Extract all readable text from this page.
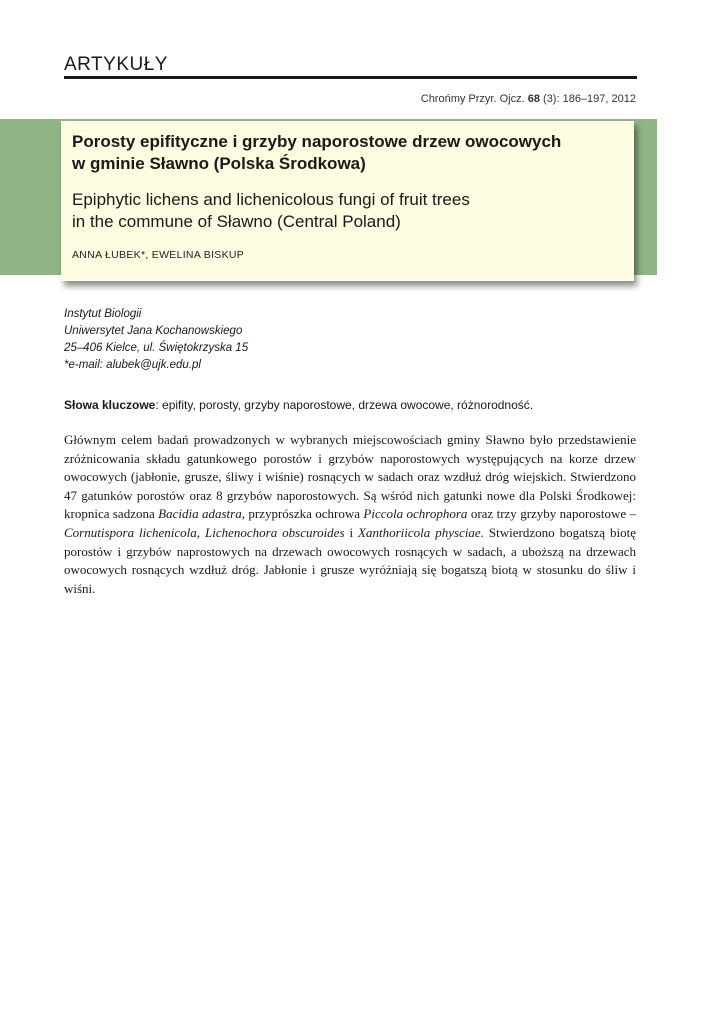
ARTYKUŁY
Chrońmy Przyr. Ojcz. 68 (3): 186–197, 2012
Porosty epifityczne i grzyby naporostowe drzew owocowych
w gminie Sławno (Polska Środkowa)
Epiphytic lichens and lichenicolous fungi of fruit trees
in the commune of Sławno (Central Poland)
ANNA ŁUBEK*, EWELINA BISKUP
Instytut Biologii
Uniwersytet Jana Kochanowskiego
25–406 Kielce, ul. Świętokrzyska 15
*e-mail: alubek@ujk.edu.pl
Słowa kluczowe: epifity, porosty, grzyby naporostowe, drzewa owocowe, różnorodność.

Głównym celem badań prowadzonych w wybranych miejscowościach gminy Sławno było przedstawienie zróżnicowania składu gatunkowego porostów i grzybów naporostowych występujących na korze drzew owocowych (jabłonie, grusze, śliwy i wiśnie) rosnących w sadach oraz wzdłuż dróg wiejskich. Stwierdzono 47 gatunków porostów oraz 8 grzybów naporostowych. Są wśród nich gatunki nowe dla Polski Środkowej: kropnica sadzona Bacidia adastra, przyprószka ochrowa Piccola ochrophora oraz trzy grzyby naporostowe – Cornutispora lichenicola, Lichenochora obscuroides i Xanthoriicola physciae. Stwierdzono bogatszą biotę porostów i grzybów naprostowych na drzewach owocowych rosnących w sadach, a uboższą na drzewach owocowych rosnących wzdłuż dróg. Jabłonie i grusze wyróżniają się bogatszą biotą w stosunku do śliw i wiśni.
